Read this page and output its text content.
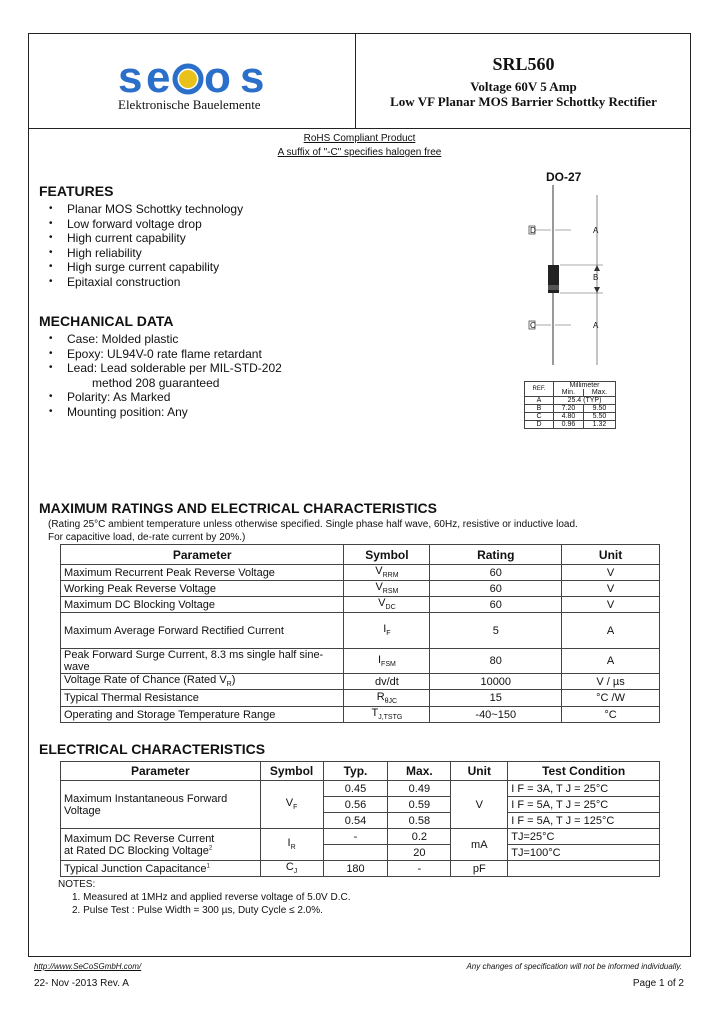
s e o s
Elektronische Bauelemente
SRL560
Voltage 60V 5 Amp
Low VF Planar MOS Barrier Schottky Rectifier
RoHS Compliant Product
A suffix of "-C" specifies halogen free
FEATURES
• Planar MOS Schottky technology
• Low forward voltage drop
• High current capability
• High reliability
• High surge current capability
• Epitaxial construction
MECHANICAL DATA
• Case: Molded plastic
• Epoxy: UL94V-0 rate flame retardant
• Lead: Lead solderable per MIL-STD-202
method 208 guaranteed
• Polarity: As Marked
• Mounting position: Any
DO-27
D	A
B
C	A
REF.	Millimeter	
	Min.	Max.
A	25.4 (TYP)	
B	7.20	9.50
C	4.80	5.50
D	0.96	1.32
MAXIMUM RATINGS AND ELECTRICAL CHARACTERISTICS
(Rating 25°C ambient temperature unless otherwise specified. Single phase half wave, 60Hz, resistive or inductive load.
For capacitive load, de-rate current by 20%.)
Parameter	Symbol	Rating	Unit
Maximum Recurrent Peak Reverse Voltage	$V_{RRM}$	60	V
Working Peak Reverse Voltage	$V_{RSM}$	60	V
Maximum DC Blocking Voltage	$V_{DC}$	60	V
Maximum Average Forward Rectified Current	$I_F$	5	A
Peak Forward Surge Current, 8.3 ms single half sine-wave	$I_{FSM}$	80	A
Voltage Rate of Chance (Rated $V_R$)	dv/dt	10000	V / µs
Typical Thermal Resistance	$R_{\theta JC}$	15	°C /W
Operating and Storage Temperature Range	$T_{J,TSTG}$	-40~150	°C
ELECTRICAL CHARACTERISTICS
Parameter	Symbol	Typ.	Max.	Unit	Test Condition
Maximum Instantaneous Forward
Voltage	$V_F$	0.45	0.49	V	I F = 3A, T J = 25°C
		0.56	0.59		I F = 5A, T J = 25°C
		0.54	0.58		I F = 5A, T J = 125°C
Maximum DC Reverse Current
at Rated DC Blocking Voltage$^2$	$I_R$	-	0.2	mA	TJ=25°C
			20		TJ=100°C
Typical Junction Capacitance$^1$	$C_J$	180	-	pF	
NOTES:
1. Measured at 1MHz and applied reverse voltage of 5.0V D.C.
2. Pulse Test : Pulse Width = 300 µs, Duty Cycle ≤ 2.0%.
http://www.SeCoSGmbH.com/	Any changes of specification will not be informed individually.
22- Nov -2013 Rev. A	Page 1 of 2
